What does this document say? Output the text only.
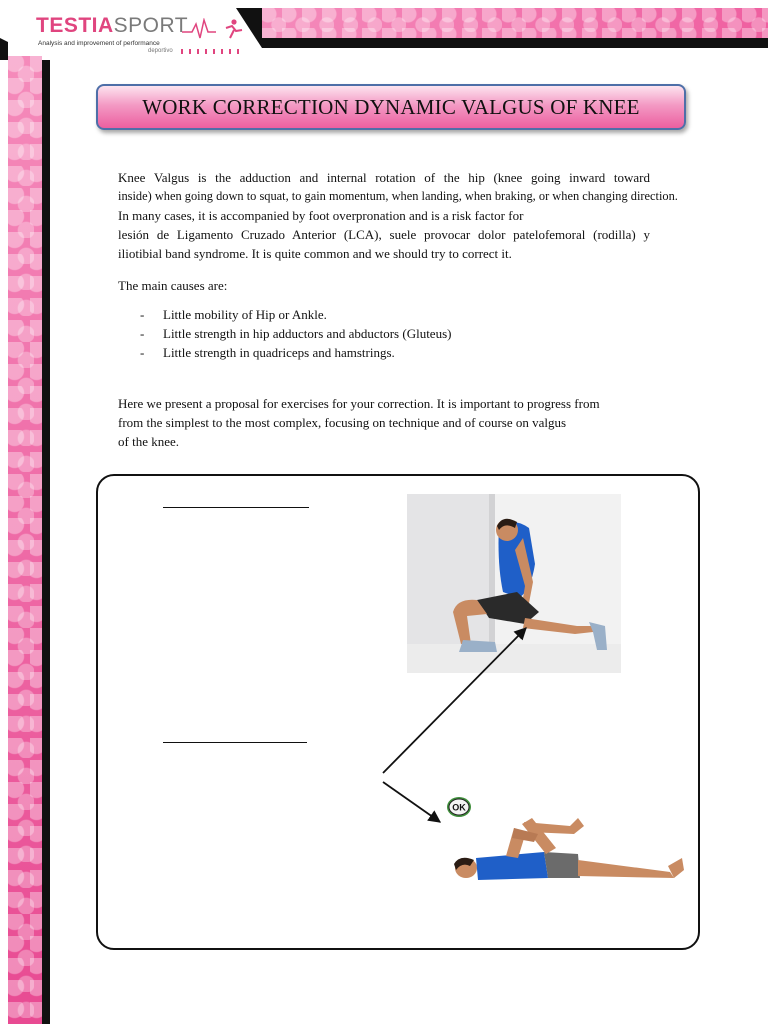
TESTIASPORT
Analysis and improvement of performance
deportivo
WORK CORRECTION DYNAMIC VALGUS OF KNEE
Knee Valgus is the adduction and internal rotation of the hip (knee going inward toward
inside) when going down to squat, to gain momentum, when landing, when braking, or when changing direction.
In many cases, it is accompanied by foot overpronation and is a risk factor for
lesión de Ligamento Cruzado Anterior (LCA), suele provocar dolor patelofemoral (rodilla) y
iliotibial band syndrome. It is quite common and we should try to correct it.
The main causes are:
- Little mobility of Hip or Ankle.
- Little strength in hip adductors and abductors (Gluteus)
- Little strength in quadriceps and hamstrings.
Here we present a proposal for exercises for your correction. It is important to progress from
from the simplest to the most complex, focusing on technique and of course on valgus
of the knee.
OK
